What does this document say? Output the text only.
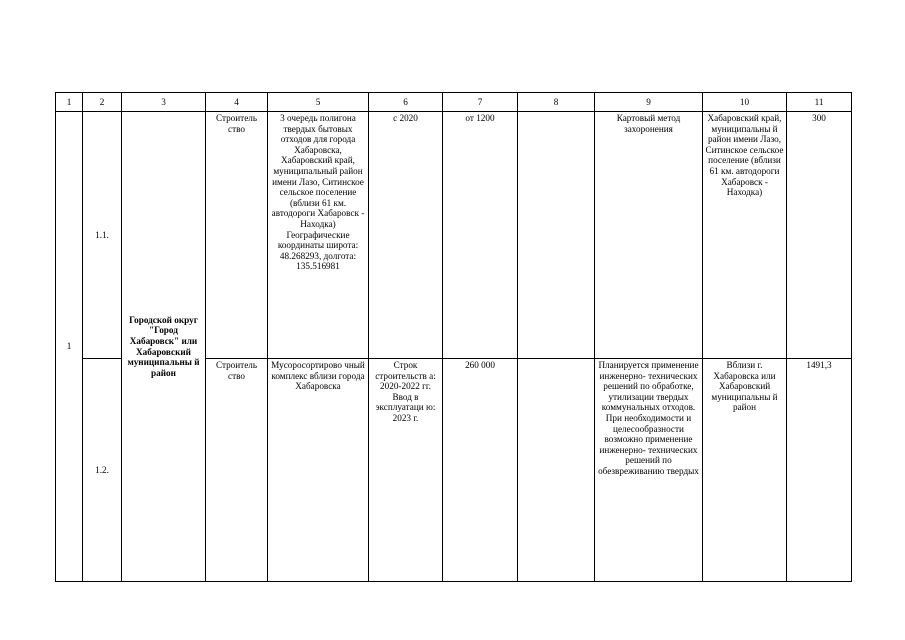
1	2	3	4	5	6	7	8	9	10	11
1	1.1.	Городской округ "Город Хабаровск" или Хабаровский муниципальны й район	Строитель ство	3 очередь полигона твердых бытовых отходов для города Хабаровска, Хабаровский край, муниципальный район имени Лазо, Ситинское сельское поселение (вблизи 61 км. автодороги Хабаровск - Находка) Географические координаты широта: 48.268293, долгота: 135.516981	с 2020	от 1200		Картовый метод захоронения	Хабаровский край, муниципальны й район имени Лазо, Ситинское сельское поселение (вблизи 61 км. автодороги Хабаровск - Находка)	300
	1.2.		Строитель ство	Мусоросортирово чный комплекс вблизи города Хабаровска	Строк строительств а: 2020-2022 гг. Ввод в эксплуатаци ю: 2023 г.	260 000		Планируется применение инженерно- технических решений по обработке, утилизации твердых коммунальных отходов. При необходимости и целесообразности возможно применение инженерно- технических решений по обезвреживанию твердых	Вблизи г. Хабаровска или Хабаровский муниципальны й район	1491,3
